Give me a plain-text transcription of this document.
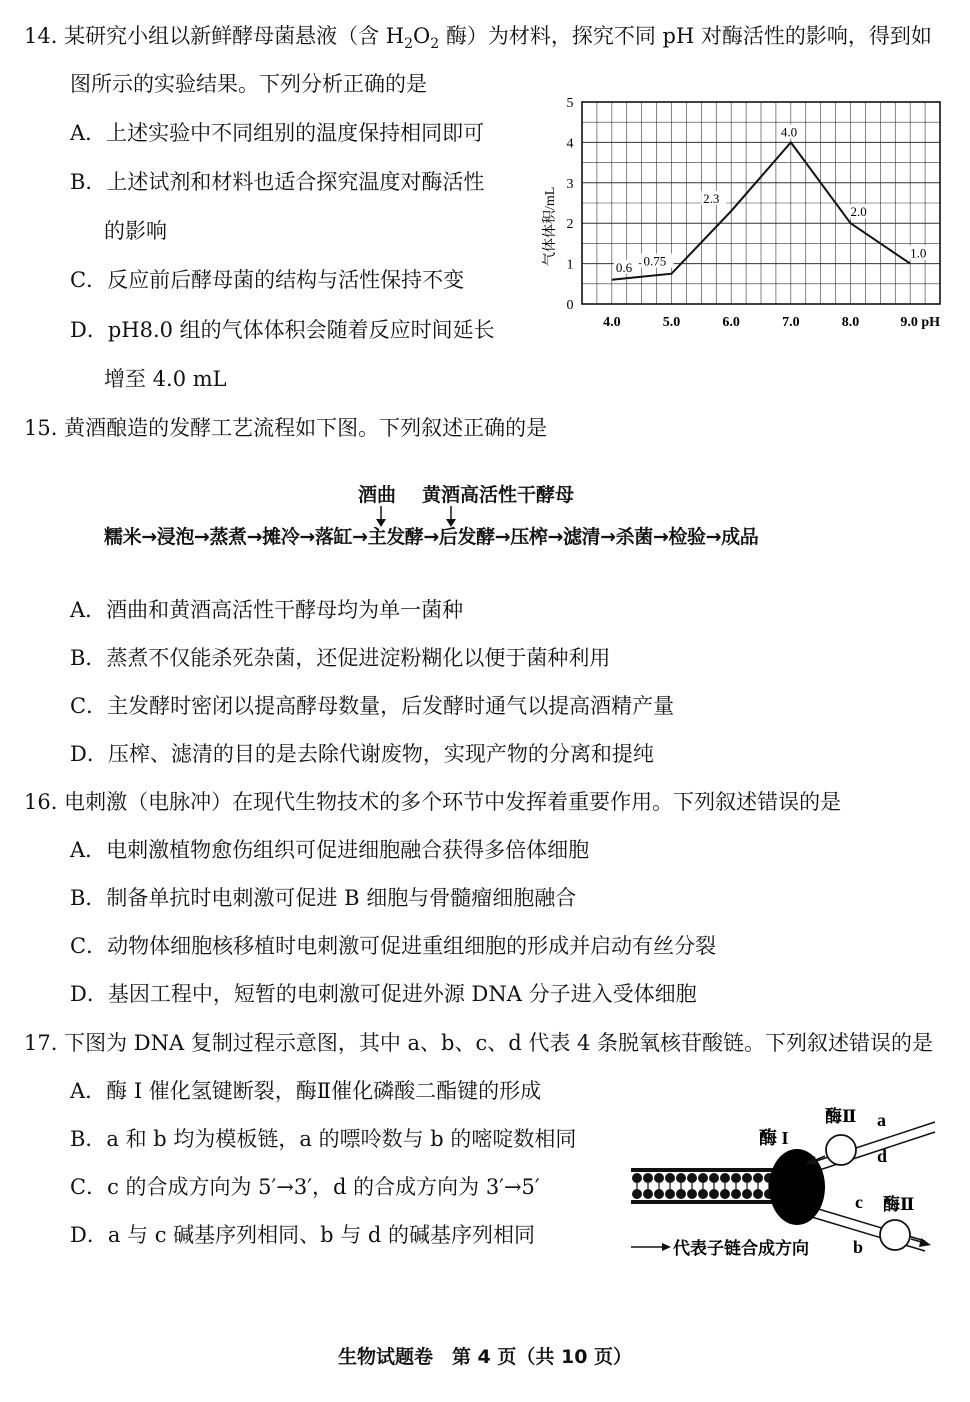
14. 某研究小组以新鲜酵母菌悬液（含 $H_2O_2$ 酶）为材料，探究不同 pH 对酶活性的影响，得到如
图所示的实验结果。下列分析正确的是
A．上述实验中不同组别的温度保持相同即可
B．上述试剂和材料也适合探究温度对酶活性
的影响
C．反应前后酵母菌的结构与活性保持不变
D．pH8.0 组的气体体积会随着反应时间延长
增至 4.0 mL
0
1
2
3
4
5
4.0	5.0	6.0	7.0	8.0	9.0 pH
0.6 0.75
2.3
4.0
2.0
1.0
气体体积/mL
15. 黄酒酿造的发酵工艺流程如下图。下列叙述正确的是
酒曲 黄酒高活性干酵母
糯米→浸泡→蒸煮→摊冷→落缸→主发酵→后发酵→压榨→滤清→杀菌→检验→成品
A．酒曲和黄酒高活性干酵母均为单一菌种
B．蒸煮不仅能杀死杂菌，还促进淀粉糊化以便于菌种利用
C．主发酵时密闭以提高酵母数量，后发酵时通气以提高酒精产量
D．压榨、滤清的目的是去除代谢废物，实现产物的分离和提纯
16. 电刺激（电脉冲）在现代生物技术的多个环节中发挥着重要作用。下列叙述错误的是
A．电刺激植物愈伤组织可促进细胞融合获得多倍体细胞
B．制备单抗时电刺激可促进 B 细胞与骨髓瘤细胞融合
C．动物体细胞核移植时电刺激可促进重组细胞的形成并启动有丝分裂
D．基因工程中，短暂的电刺激可促进外源 DNA 分子进入受体细胞
17. 下图为 DNA 复制过程示意图，其中 a、b、c、d 代表 4 条脱氧核苷酸链。下列叙述错误的是
A．酶 I 催化氢键断裂，酶Ⅱ催化磷酸二酯键的形成
B．a 和 b 均为模板链，a 的嘌呤数与 b 的嘧啶数相同
C．c 的合成方向为 5′→3′，d 的合成方向为 3′→5′
D．a 与 c 碱基序列相同、b 与 d 的碱基序列相同
酶 I
酶Ⅱ a
d
c 酶Ⅱ
b
代表子链合成方向
生物试题卷　第 4 页（共 10 页）
